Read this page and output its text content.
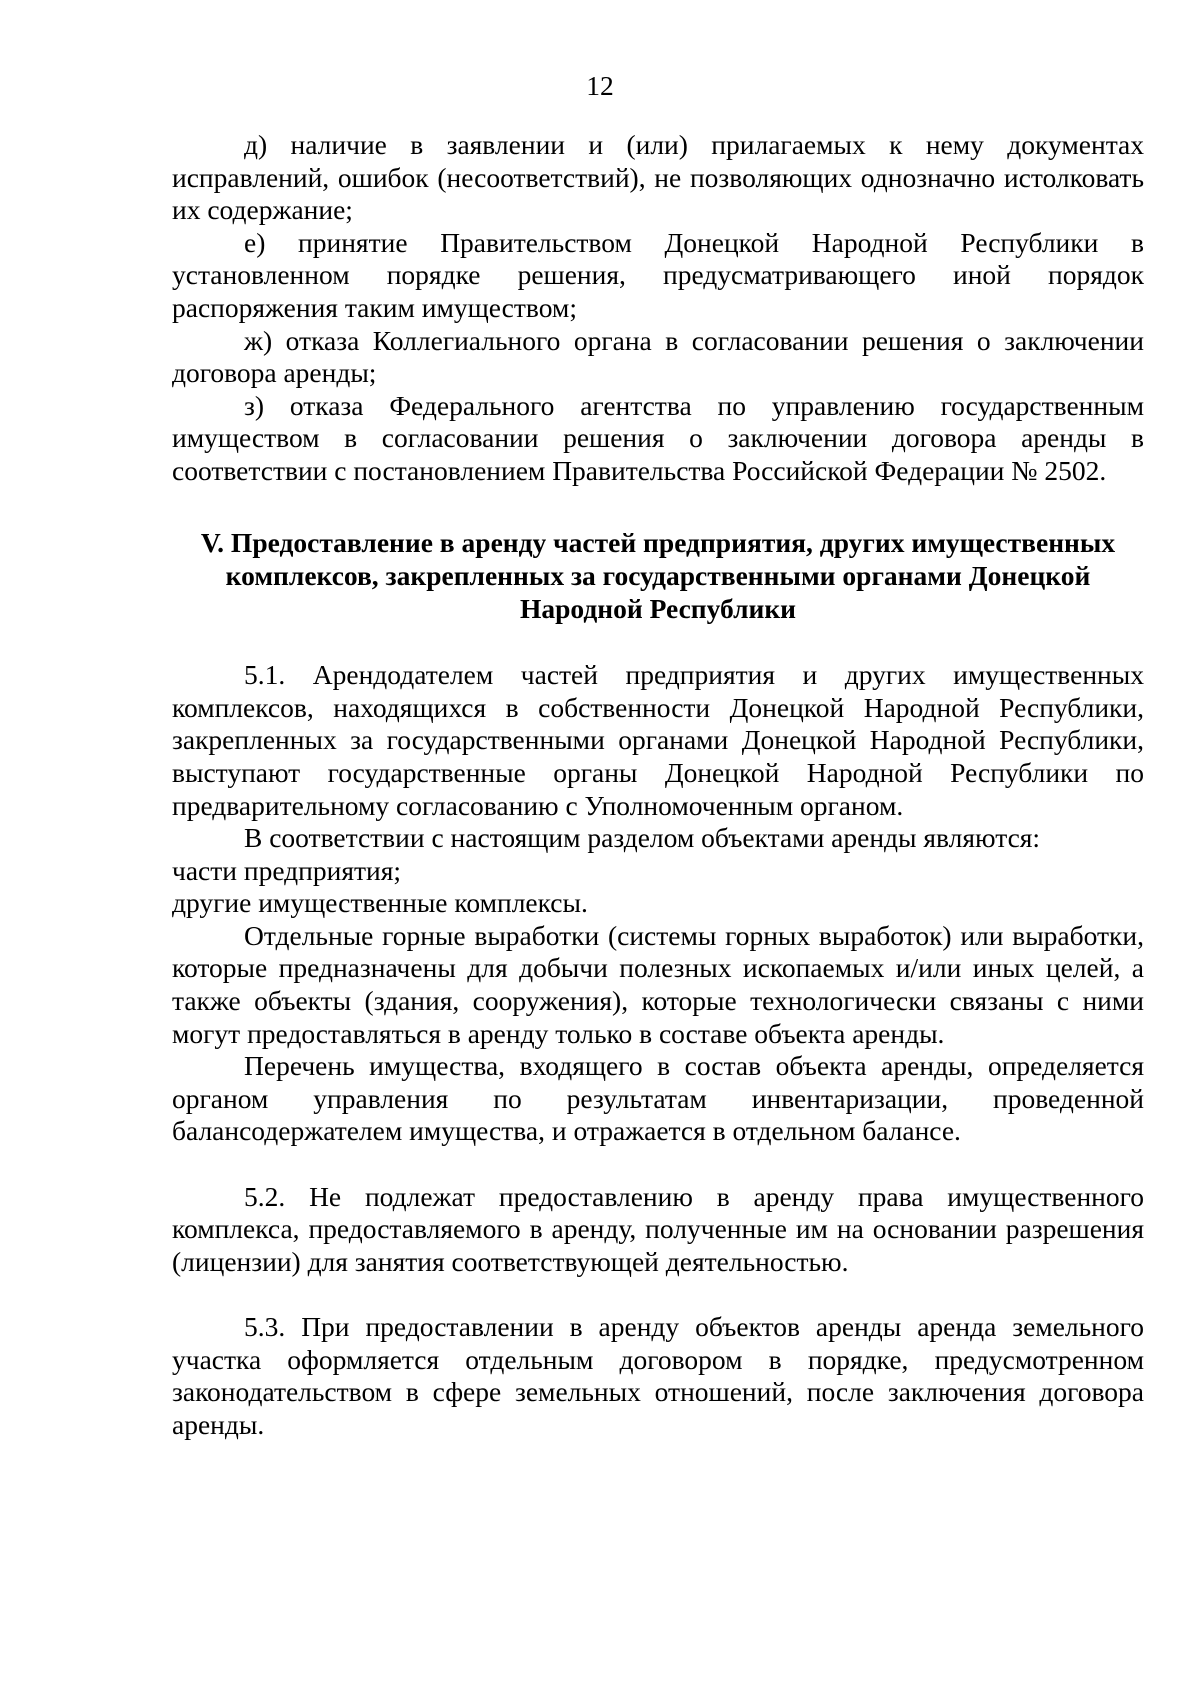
12

д) наличие в заявлении и (или) прилагаемых к нему документах исправлений, ошибок (несоответствий), не позволяющих однозначно истолковать их содержание;

е) принятие Правительством Донецкой Народной Республики в установленном порядке решения, предусматривающего иной порядок распоряжения таким имуществом;

ж) отказа Коллегиального органа в согласовании решения о заключении договора аренды;

з) отказа Федерального агентства по управлению государственным имуществом в согласовании решения о заключении договора аренды в соответствии с постановлением Правительства Российской Федерации № 2502.

V. Предоставление в аренду частей предприятия, других имущественных

комплексов, закрепленных за государственными органами Донецкой

Народной Республики

5.1. Арендодателем частей предприятия и других имущественных комплексов, находящихся в собственности Донецкой Народной Республики, закрепленных за государственными органами Донецкой Народной Республики, выступают государственные органы Донецкой Народной Республики по предварительному согласованию с Уполномоченным органом.

В соответствии с настоящим разделом объектами аренды являются:

части предприятия;

другие имущественные комплексы.

Отдельные горные выработки (системы горных выработок) или выработки, которые предназначены для добычи полезных ископаемых и/или иных целей, а также объекты (здания, сооружения), которые технологически связаны с ними могут предоставляться в аренду только в составе объекта аренды.

Перечень имущества, входящего в состав объекта аренды, определяется органом управления по результатам инвентаризации, проведенной балансодержателем имущества, и отражается в отдельном балансе.

5.2. Не подлежат предоставлению в аренду права имущественного комплекса, предоставляемого в аренду, полученные им на основании разрешения (лицензии) для занятия соответствующей деятельностью.

5.3. При предоставлении в аренду объектов аренды аренда земельного участка оформляется отдельным договором в порядке, предусмотренном законодательством в сфере земельных отношений, после заключения договора аренды.
